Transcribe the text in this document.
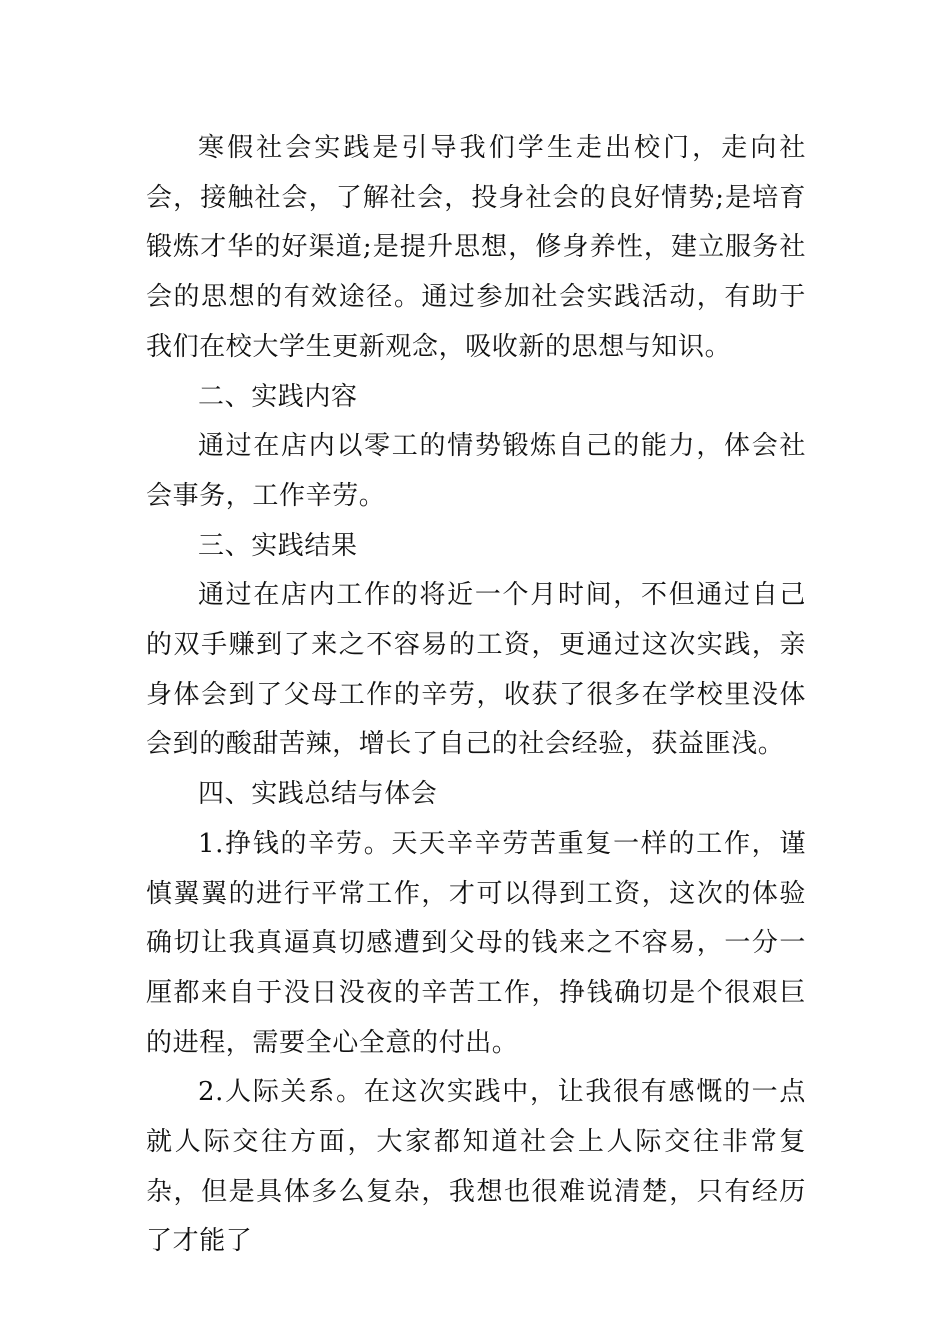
寒假社会实践是引导我们学生走出校门，走向社会，接触社会，了解社会，投身社会的良好情势;是培育锻炼才华的好渠道;是提升思想，修身养性，建立服务社会的思想的有效途径。通过参加社会实践活动，有助于我们在校大学生更新观念，吸收新的思想与知识。

二、实践内容

通过在店内以零工的情势锻炼自己的能力，体会社会事务，工作辛劳。

三、实践结果

通过在店内工作的将近一个月时间，不但通过自己的双手赚到了来之不容易的工资，更通过这次实践，亲身体会到了父母工作的辛劳，收获了很多在学校里没体会到的酸甜苦辣，增长了自己的社会经验，获益匪浅。

四、实践总结与体会

1.挣钱的辛劳。天天辛辛劳苦重复一样的工作，谨慎翼翼的进行平常工作，才可以得到工资，这次的体验确切让我真逼真切感遭到父母的钱来之不容易，一分一厘都来自于没日没夜的辛苦工作，挣钱确切是个很艰巨的进程，需要全心全意的付出。

2.人际关系。在这次实践中，让我很有感慨的一点就人际交往方面，大家都知道社会上人际交往非常复杂，但是具体多么复杂，我想也很难说清楚，只有经历了才能了
